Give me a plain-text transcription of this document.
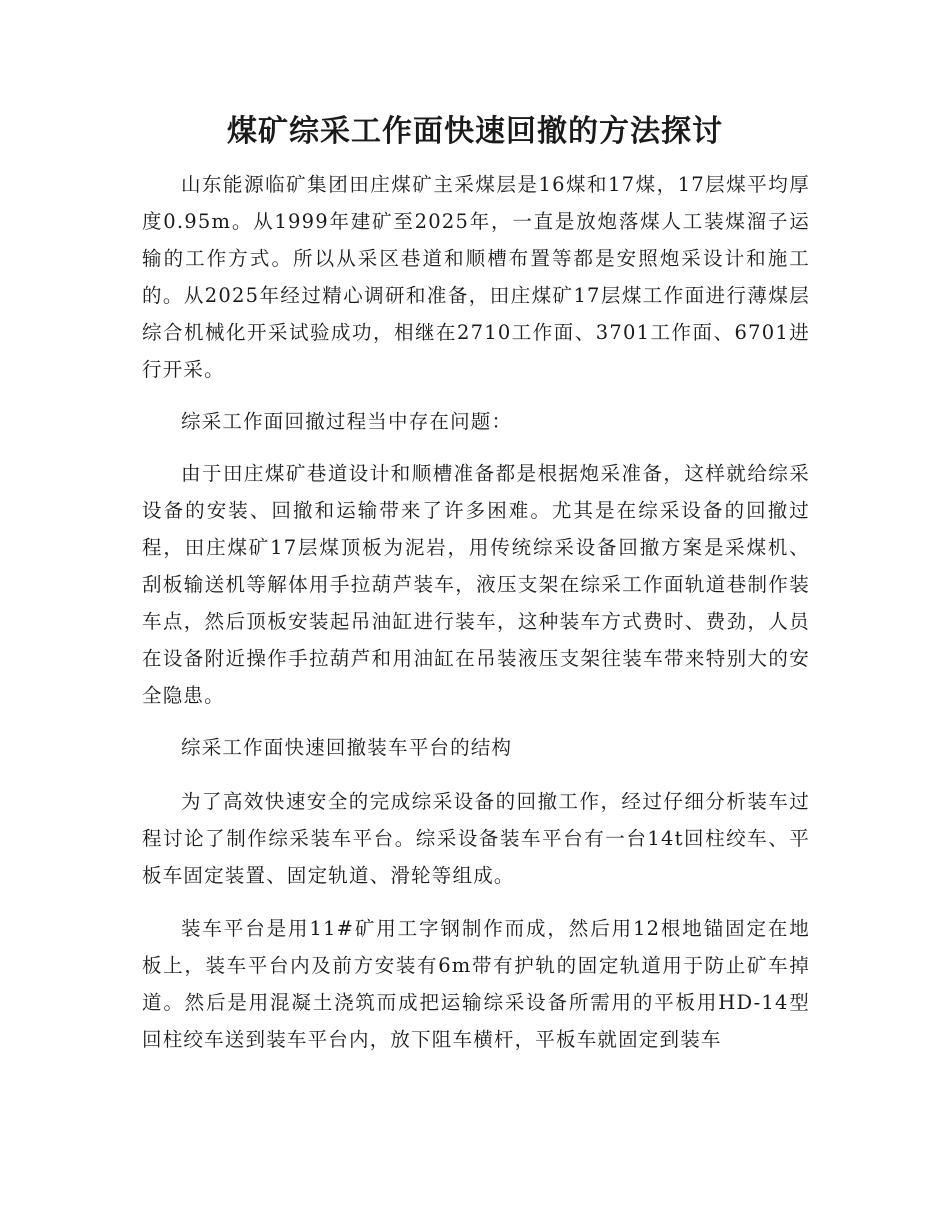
煤矿综采工作面快速回撤的方法探讨

山东能源临矿集团田庄煤矿主采煤层是16煤和17煤，17层煤平均厚度0.95m。从1999年建矿至2025年，一直是放炮落煤人工装煤溜子运输的工作方式。所以从采区巷道和顺槽布置等都是安照炮采设计和施工的。从2025年经过精心调研和准备，田庄煤矿17层煤工作面进行薄煤层综合机械化开采试验成功，相继在2710工作面、3701工作面、6701进行开采。

综采工作面回撤过程当中存在问题：

由于田庄煤矿巷道设计和顺槽准备都是根据炮采准备，这样就给综采设备的安装、回撤和运输带来了许多困难。尤其是在综采设备的回撤过程，田庄煤矿17层煤顶板为泥岩，用传统综采设备回撤方案是采煤机、刮板输送机等解体用手拉葫芦装车，液压支架在综采工作面轨道巷制作装车点，然后顶板安装起吊油缸进行装车，这种装车方式费时、费劲，人员在设备附近操作手拉葫芦和用油缸在吊装液压支架往装车带来特别大的安全隐患。

综采工作面快速回撤装车平台的结构

为了高效快速安全的完成综采设备的回撤工作，经过仔细分析装车过程讨论了制作综采装车平台。综采设备装车平台有一台14t回柱绞车、平板车固定装置、固定轨道、滑轮等组成。

装车平台是用11#矿用工字钢制作而成，然后用12根地锚固定在地板上，装车平台内及前方安装有6m带有护轨的固定轨道用于防止矿车掉道。然后是用混凝土浇筑而成把运输综采设备所需用的平板用HD-14型回柱绞车送到装车平台内，放下阻车横杆，平板车就固定到装车
